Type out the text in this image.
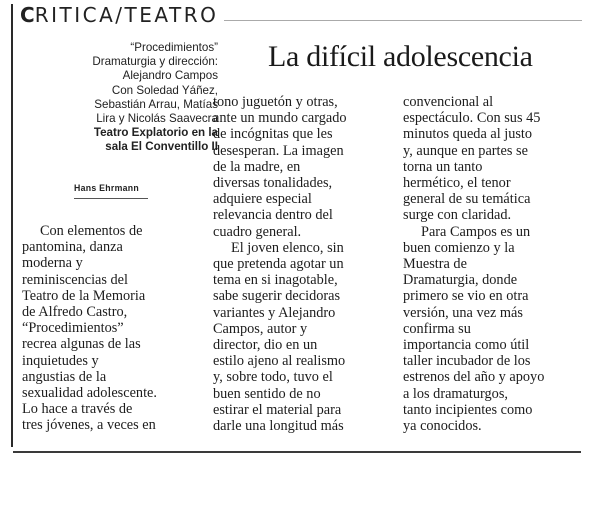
CRITICA/TEATRO
“Procedimientos”
Dramaturgia y dirección:
Alejandro Campos
Con Soledad Yáñez,
Sebastián Arrau, Matías
Lira y Nicolás Saavecra
Teatro Explatorio en la
sala El Conventillo II
Hans Ehrmann
La difícil adolescencia
Con elementos de
pantomina, danza
moderna y
reminiscencias del
Teatro de la Memoria
de Alfredo Castro,
“Procedimientos”
recrea algunas de las
inquietudes y
angustias de la
sexualidad adolescente.
Lo hace a través de
tres jóvenes, a veces en
tono juguetón y otras,
ante un mundo cargado
de incógnitas que les
desesperan. La imagen
de la madre, en
diversas tonalidades,
adquiere especial
relevancia dentro del
cuadro general.
El joven elenco, sin
que pretenda agotar un
tema en si inagotable,
sabe sugerir decidoras
variantes y Alejandro
Campos, autor y
director, dio en un
estilo ajeno al realismo
y, sobre todo, tuvo el
buen sentido de no
estirar el material para
darle una longitud más
convencional al
espectáculo. Con sus 45
minutos queda al justo
y, aunque en partes se
torna un tanto
hermético, el tenor
general de su temática
surge con claridad.
Para Campos es un
buen comienzo y la
Muestra de
Dramaturgia, donde
primero se vio en otra
versión, una vez más
confirma su
importancia como útil
taller incubador de los
estrenos del año y apoyo
a los dramaturgos,
tanto incipientes como
ya conocidos.
